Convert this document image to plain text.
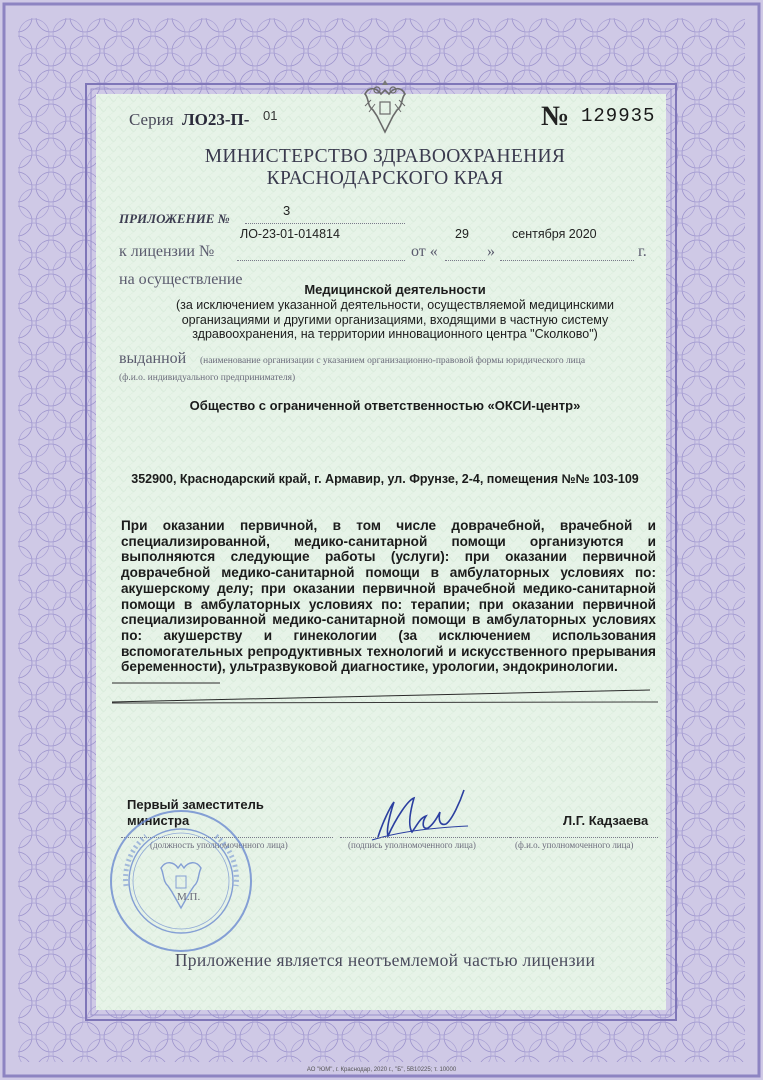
Серия ЛО23-П- 01	№ 129935
МИНИСТЕРСТВО ЗДРАВООХРАНЕНИЯ
КРАСНОДАРСКОГО КРАЯ
ПРИЛОЖЕНИЕ №
3
к лицензии №
ЛО-23-01-014814
от «
29
»
сентября 2020
г.
на осуществление
Медицинской деятельности
(за исключением указанной деятельности, осуществляемой медицинскими организациями и другими организациями, входящими в частную систему здравоохранения, на территории инновационного центра "Сколково")
выданной (наименование организации с указанием организационно-правовой формы юридического лица
(ф.и.о. индивидуального предпринимателя)
Общество с ограниченной ответственностью «ОКСИ-центр»
352900, Краснодарский край, г. Армавир, ул. Фрунзе, 2-4, помещения №№ 103-109
При оказании первичной, в том числе доврачебной, врачебной и специализированной, медико-санитарной помощи организуются и выполняются следующие работы (услуги): при оказании первичной доврачебной медико-санитарной помощи в амбулаторных условиях по: акушерскому делу; при оказании первичной врачебной медико-санитарной помощи в амбулаторных условиях по: терапии; при оказании первичной специализированной медико-санитарной помощи в амбулаторных условиях по: акушерству и гинекологии (за исключением использования вспомогательных репродуктивных технологий и искусственного прерывания беременности), ультразвуковой диагностике, урологии, эндокринологии.
Первый заместитель
министра
(должность уполномоченного лица)	(подпись уполномоченного лица)
Л.Г. Кадзаева
(ф.и.о. уполномоченного лица)
М.П.
Приложение является неотъемлемой частью лицензии
АО "ЮМ", г. Краснодар, 2020 г., "Б", 5В10225; т. 10000
